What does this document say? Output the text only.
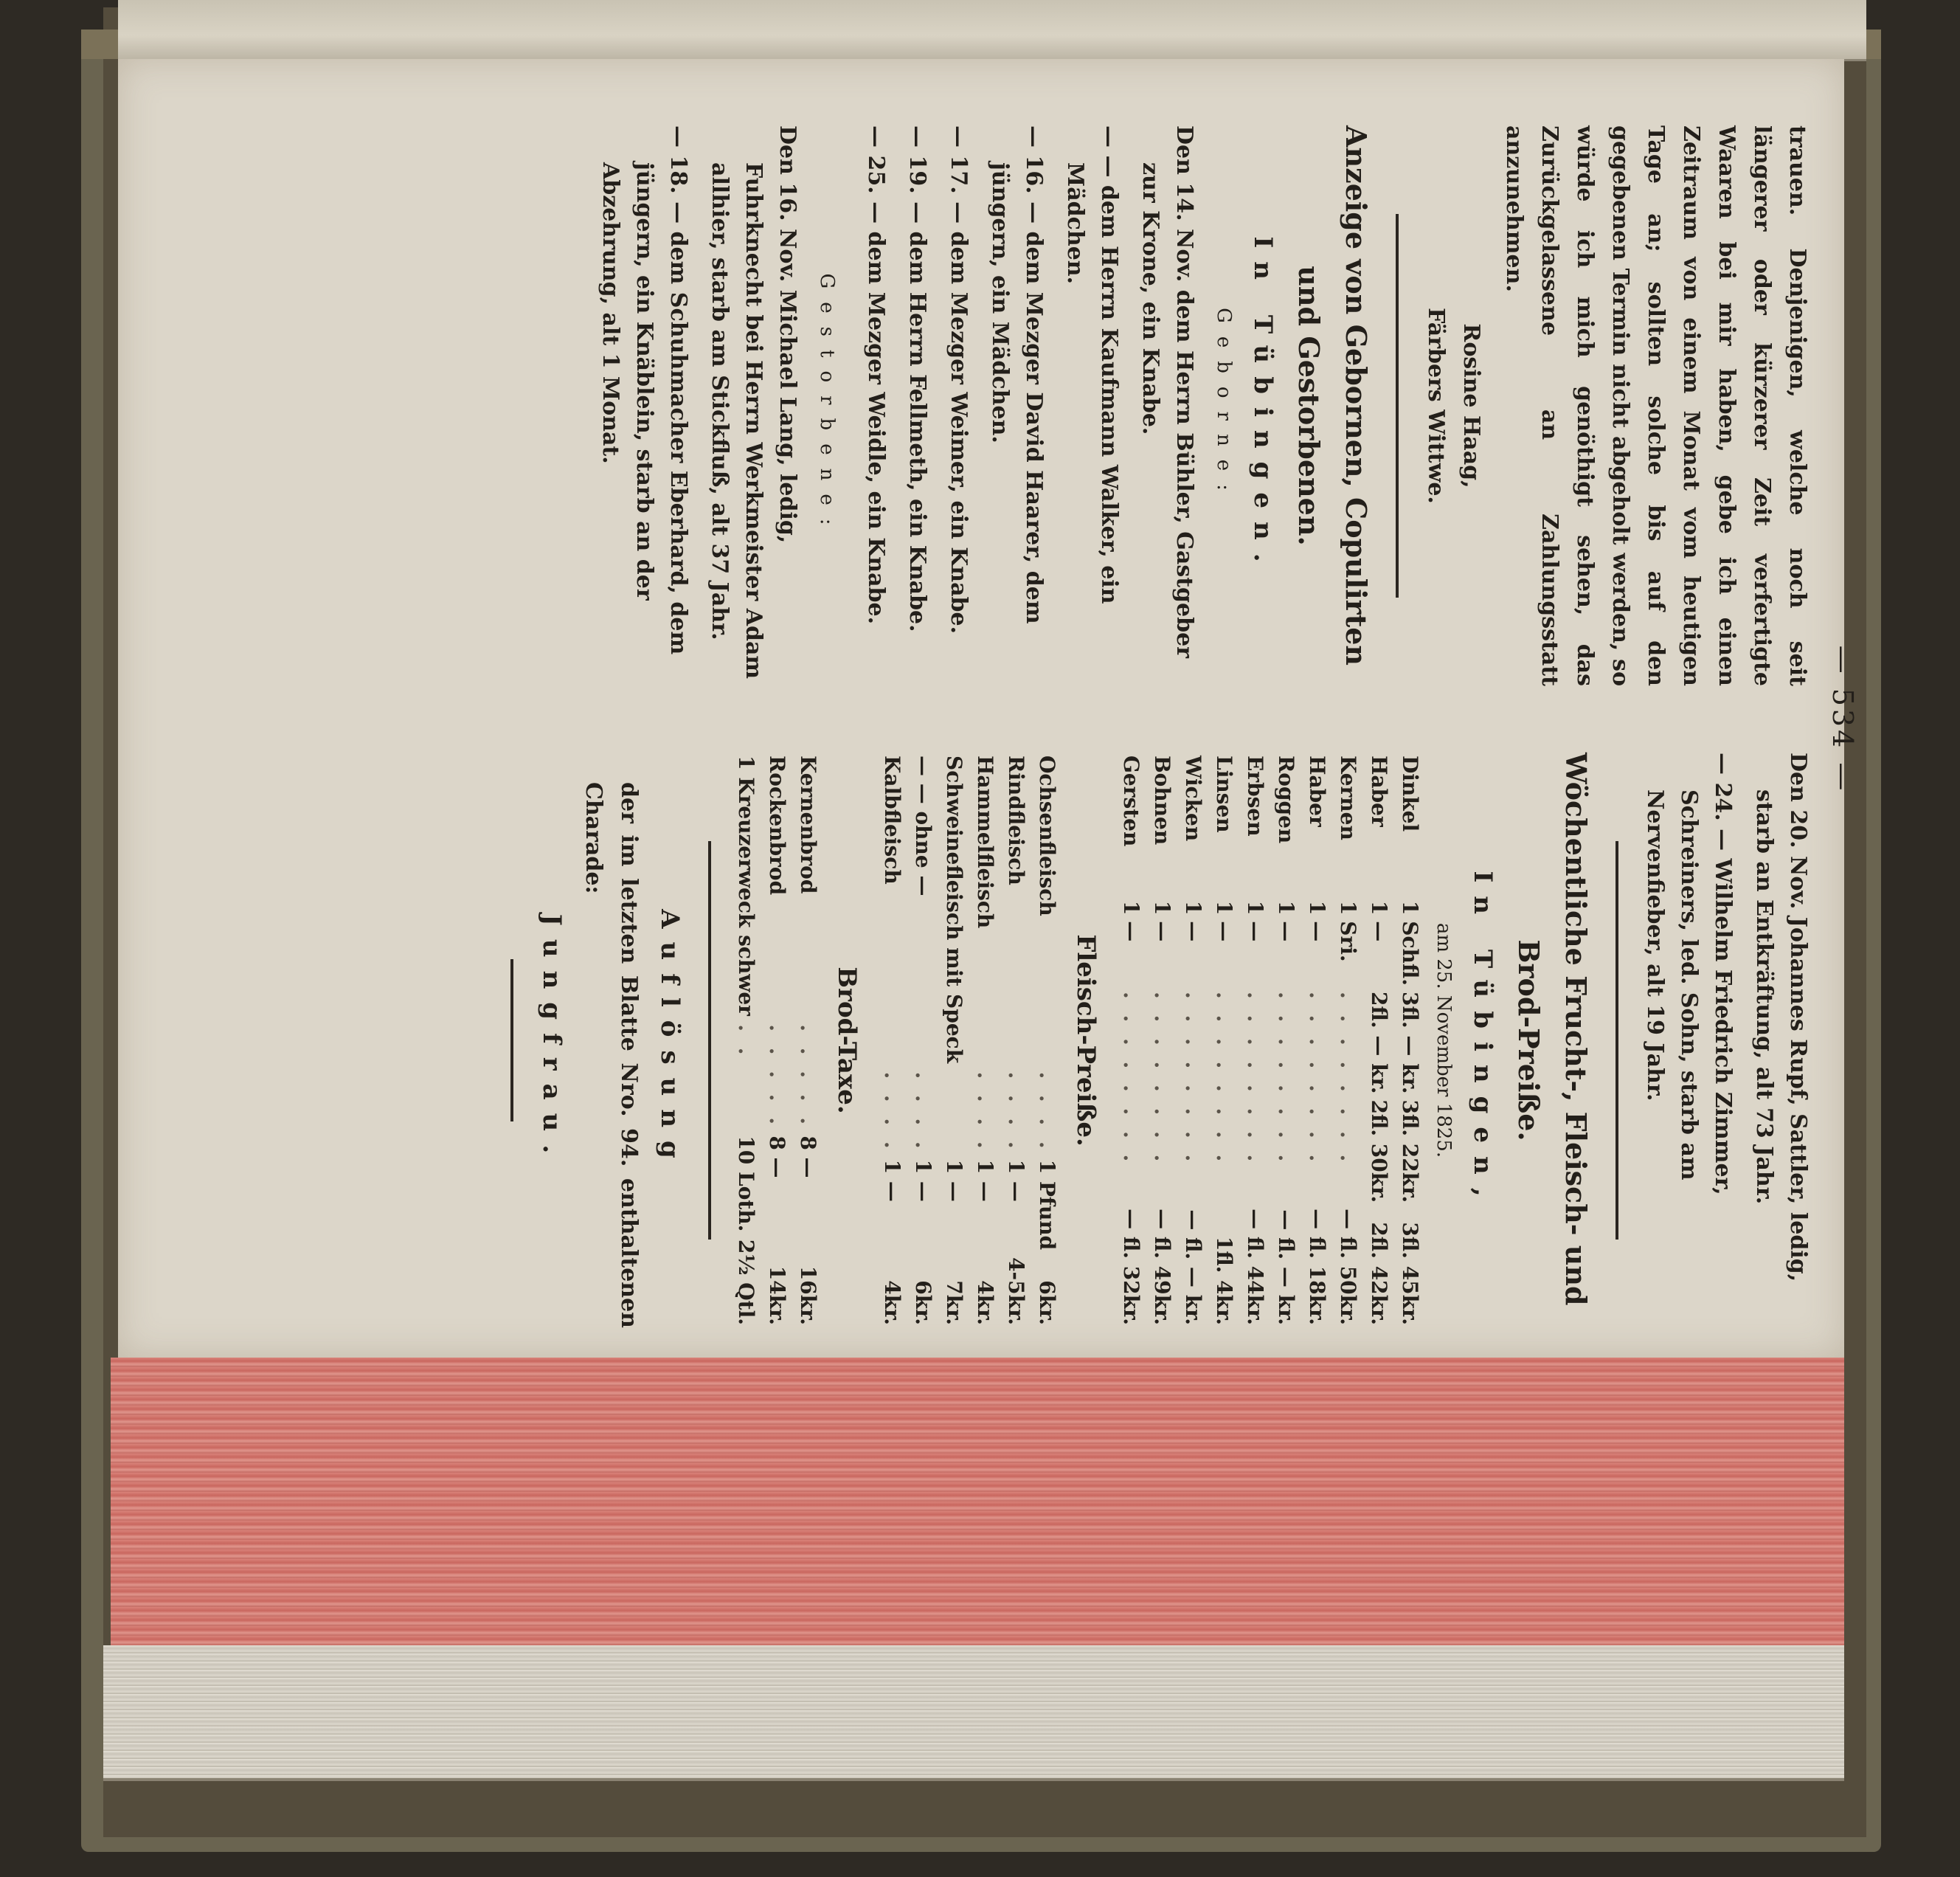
— 534 —

trauen. Denjenigen, welche noch seit längerer oder kürzerer Zeit verfertigte Waaren bei mir haben, gebe ich einen Zeitraum von einem Monat vom heutigen Tage an; sollten solche bis auf den gegebenen Termin nicht abgeholt werden, so würde ich mich genöthigt sehen, das Zurückgelassene an Zahlungsstatt anzunehmen.

Rosine Haag,
Färbers Wittwe.
Anzeige von Gebornen, Copulirten
und Gestorbenen.
In Tübingen.
Geborne:
Den 14. Nov. dem Herrn Bühler, Gastgeber zur Krone, ein Knabe.
— — dem Herrn Kaufmann Walker, ein Mädchen.
— 16. — dem Mezger David Haarer, dem jüngern, ein Mädchen.
— 17. — dem Mezger Weimer, ein Knabe.
— 19. — dem Herrn Fellmeth, ein Knabe.
— 25. — dem Mezger Weidle, ein Knabe.
Gestorbene:
Den 16. Nov. Michael Lang, ledig, Fuhrknecht bei Herrn Werkmeister Adam allhier, starb am Stickfluß, alt 37 Jahr.
— 18. — dem Schuhmacher Eberhard, dem jüngern, ein Knäblein, starb an der Abzehrung, alt 1 Monat.
Den 20. Nov. Johannes Rupf, Sattler, ledig, starb an Entkräftung, alt 73 Jahr.
— 24. — Wilhelm Friedrich Zimmer, Schreiners, led. Sohn, starb am Nervenfieber, alt 19 Jahr.
Wöchentliche Frucht-, Fleisch- und
Brod-Preiße.
In Tübingen,
am 25. November 1825.
Dinkel	1	Schfl.	3fl. — kr.	3fl. 22kr.	3fl. 45kr.
Haber	1	—	2fl. — kr.	2fl. 30kr.	2fl. 42kr.
Kernen	1	Sri.	. . . . . . . .		— fl. 50kr.
Haber	1	—	. . . . . . . .		— fl. 18kr.
Roggen	1	—	. . . . . . . .		— fl. — kr.
Erbsen	1	—	. . . . . . . .		— fl. 44kr.
Linsen	1	—	. . . . . . . .		1fl. 4kr.
Wicken	1	—	. . . . . . . .		— fl. — kr.
Bohnen	1	—	. . . . . . . .		— fl. 49kr.
Gersten	1	—	. . . . . . . .		— fl. 32kr.
Fleisch-Preiße.
Ochsenfleisch	. . . .	1 Pfund	6kr.
Rindfleisch	. . . .	1 —	4-5kr.
Hammelfleisch	. . . .	1 —	4kr.
Schweinefleisch mit Speck		1 —	7kr.
— — ohne —	. . . .	1 —	6kr.
Kalbfleisch	. . . .	1 —	4kr.
Brod-Taxe.
Kernenbrod	. . . . .	8 —	16kr.
Rockenbrod	. . . . .	8 —	14kr.
1 Kreuzerweck schwer	. .	10 Loth.	2½ Qtl.
Auflösung

der im letzten Blatte Nro. 94. enthaltenen Charade:

Jungfrau.
